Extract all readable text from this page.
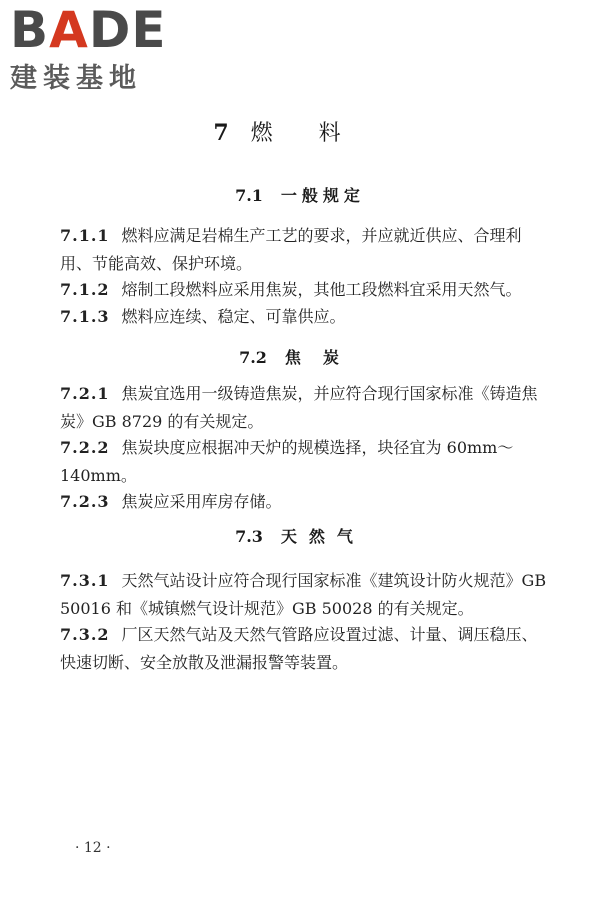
B A DE
建装基地
7 燃料
7.1 一般规定
7.1.1 燃料应满足岩棉生产工艺的要求，并应就近供应、合理利用、节能高效、保护环境。
7.1.2 熔制工段燃料应采用焦炭，其他工段燃料宜采用天然气。
7.1.3 燃料应连续、稳定、可靠供应。
7.2 焦炭
7.2.1 焦炭宜选用一级铸造焦炭，并应符合现行国家标准《铸造焦炭》GB 8729 的有关规定。
7.2.2 焦炭块度应根据冲天炉的规模选择，块径宜为 60mm～140mm。
7.2.3 焦炭应采用库房存储。
7.3 天然气
7.3.1 天然气站设计应符合现行国家标准《建筑设计防火规范》GB 50016 和《城镇燃气设计规范》GB 50028 的有关规定。
7.3.2 厂区天然气站及天然气管路应设置过滤、计量、调压稳压、快速切断、安全放散及泄漏报警等装置。
· 12 ·
